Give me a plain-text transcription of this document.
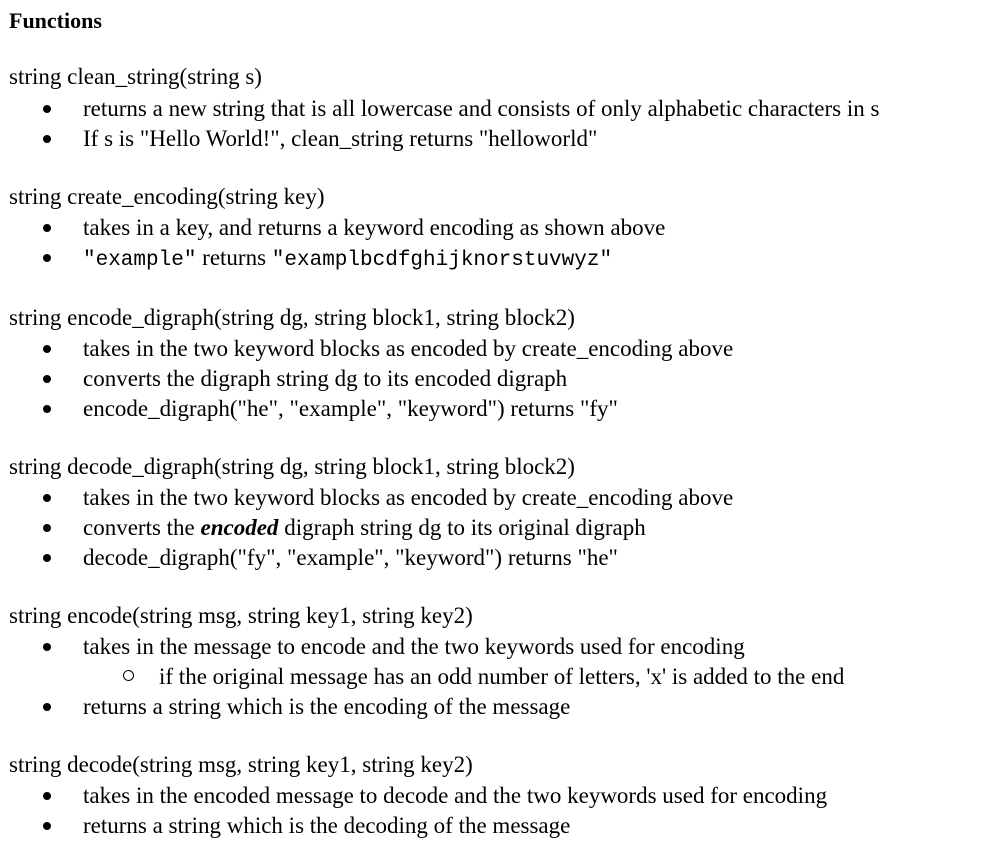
Functions
string clean_string(string s)
returns a new string that is all lowercase and consists of only alphabetic characters in s
If s is "Hello World!", clean_string returns "helloworld"
string create_encoding(string key)
takes in a key, and returns a keyword encoding as shown above
"example" returns "examplbcdfghijknorstuvwyz"
string encode_digraph(string dg, string block1, string block2)
takes in the two keyword blocks as encoded by create_encoding above
converts the digraph string dg to its encoded digraph
encode_digraph("he", "example", "keyword") returns "fy"
string decode_digraph(string dg, string block1, string block2)
takes in the two keyword blocks as encoded by create_encoding above
converts the encoded digraph string dg to its original digraph
decode_digraph("fy", "example", "keyword") returns "he"
string encode(string msg, string key1, string key2)
takes in the message to encode and the two keywords used for encoding
if the original message has an odd number of letters, 'x' is added to the end
returns a string which is the encoding of the message
string decode(string msg, string key1, string key2)
takes in the encoded message to decode and the two keywords used for encoding
returns a string which is the decoding of the message
